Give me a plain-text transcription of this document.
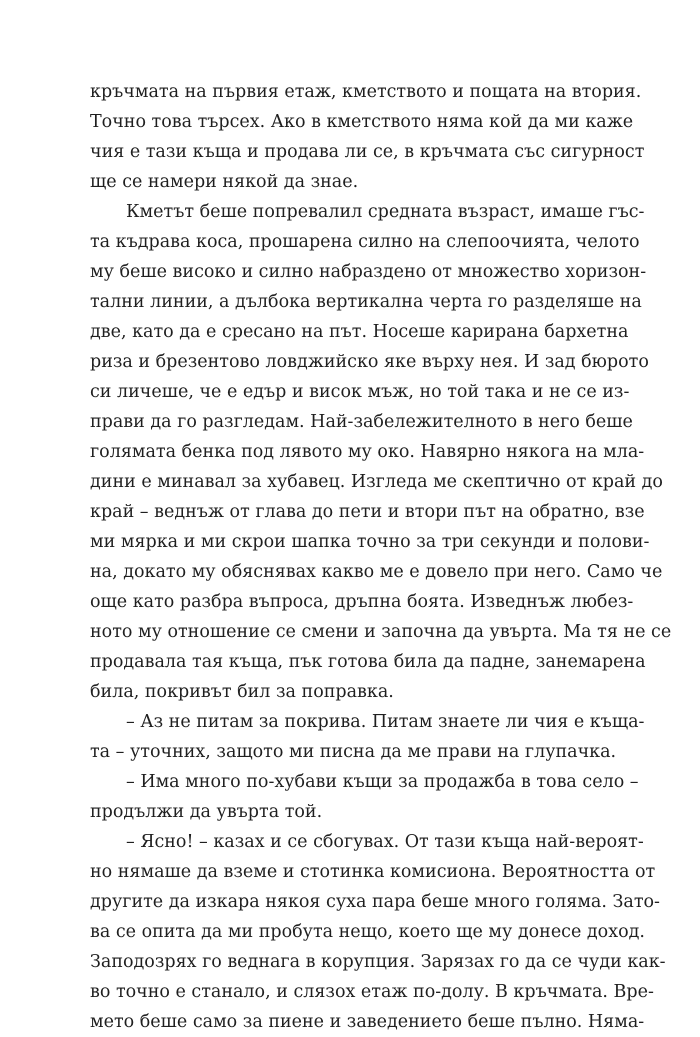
кръчмата на първия етаж, кметството и пощата на втория.
Точно това търсех. Ако в кметството няма кой да ми каже
чия е тази къща и продава ли се, в кръчмата със сигурност
ще се намери някой да знае.
Кметът беше попревалил средната възраст, имаше гъс-
та къдрава коса, прошарена силно на слепоочията, челото
му беше високо и силно набраздено от множество хоризон-
тални линии, а дълбока вертикална черта го разделяше на
две, като да е сресано на път. Носеше карирана бархетна
риза и брезентово ловджийско яке върху нея. И зад бюрото
си личеше, че е едър и висок мъж, но той така и не се из-
прави да го разгледам. Най-забележителното в него беше
голямата бенка под лявото му око. Навярно някога на мла-
дини е минавал за хубавец. Изгледа ме скептично от край до
край – веднъж от глава до пети и втори път на обратно, взе
ми мярка и ми скрои шапка точно за три секунди и полови-
на, докато му обяснявах какво ме е довело при него. Само че
още като разбра въпроса, дръпна боята. Изведнъж любез-
ното му отношение се смени и започна да увърта. Ма тя не се
продавала тая къща, пък готова била да падне, занемарена
била, покривът бил за поправка.
– Аз не питам за покрива. Питам знаете ли чия е къща-
та – уточних, защото ми писна да ме прави на глупачка.
– Има много по-хубави къщи за продажба в това село –
продължи да увърта той.
– Ясно! – казах и се сбогувах. От тази къща най-вероят-
но нямаше да взeме и стотинка комисиона. Вероятността от
другите да изкара някоя суха пара беше много голяма. Зато-
ва се опита да ми пробута нещо, което ще му донесе доход.
Заподозрях го веднага в корупция. Зарязах го да се чуди как-
во точно е станало, и слязох етаж по-долу. В кръчмата. Вре-
мето беше само за пиене и заведението беше пълно. Няма-
